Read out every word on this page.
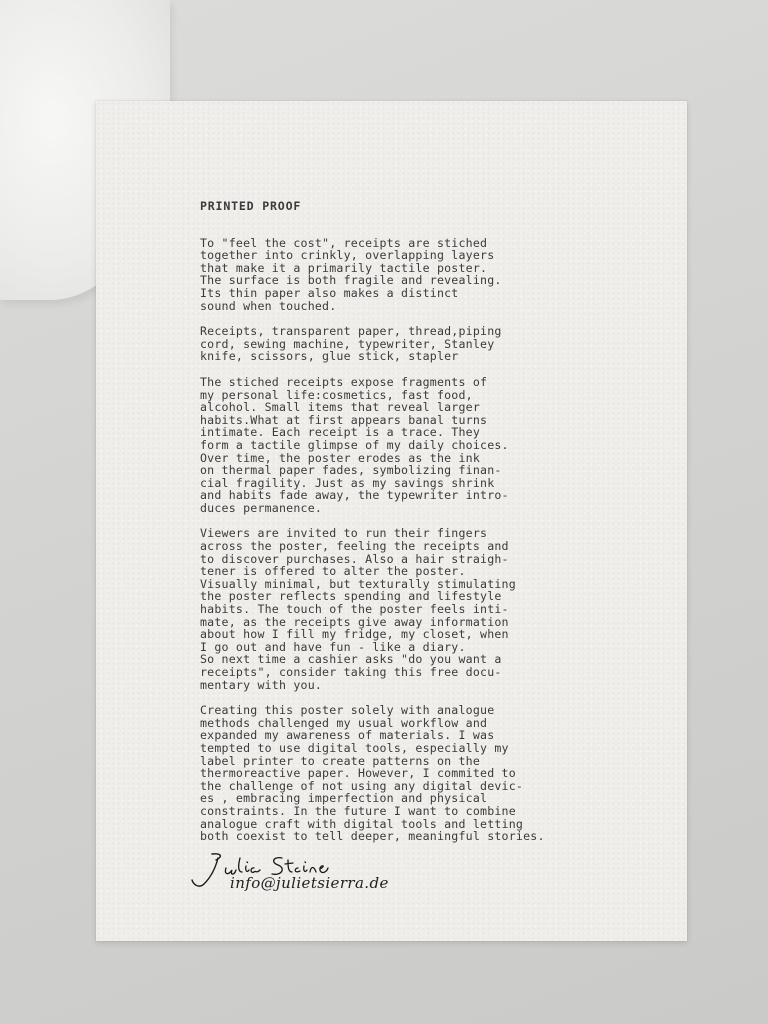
PRINTED PROOF
To "feel the cost", receipts are stiched
together into crinkly, overlapping layers
that make it a primarily tactile poster.
The surface is both fragile and revealing.
Its thin paper also makes a distinct
sound when touched.
Receipts, transparent paper, thread,piping
cord, sewing machine, typewriter, Stanley
knife, scissors, glue stick, stapler
The stiched receipts expose fragments of
my personal life:cosmetics, fast food,
alcohol. Small items that reveal larger
habits.What at first appears banal turns
intimate. Each receipt is a trace. They
form a tactile glimpse of my daily choices.
Over time, the poster erodes as the ink
on thermal paper fades, symbolizing finan-
cial fragility. Just as my savings shrink
and habits fade away, the typewriter intro-
duces permanence.
Viewers are invited to run their fingers
across the poster, feeling the receipts and
to discover purchases. Also a hair straigh-
tener is offered to alter the poster.
Visually minimal, but texturally stimulating
the poster reflects spending and lifestyle
habits. The touch of the poster feels inti-
mate, as the receipts give away information
about how I fill my fridge, my closet, when
I go out and have fun - like a diary.
So next time a cashier asks "do you want a
receipts", consider taking this free docu-
mentary with you.
Creating this poster solely with analogue
methods challenged my usual workflow and
expanded my awareness of materials. I was
tempted to use digital tools, especially my
label printer to create patterns on the
thermoreactive paper. However, I commited to
the challenge of not using any digital devic-
es , embracing imperfection and physical
constraints. In the future I want to combine
analogue craft with digital tools and letting
both coexist to tell deeper, meaningful stories.
info@julietsierra.de
